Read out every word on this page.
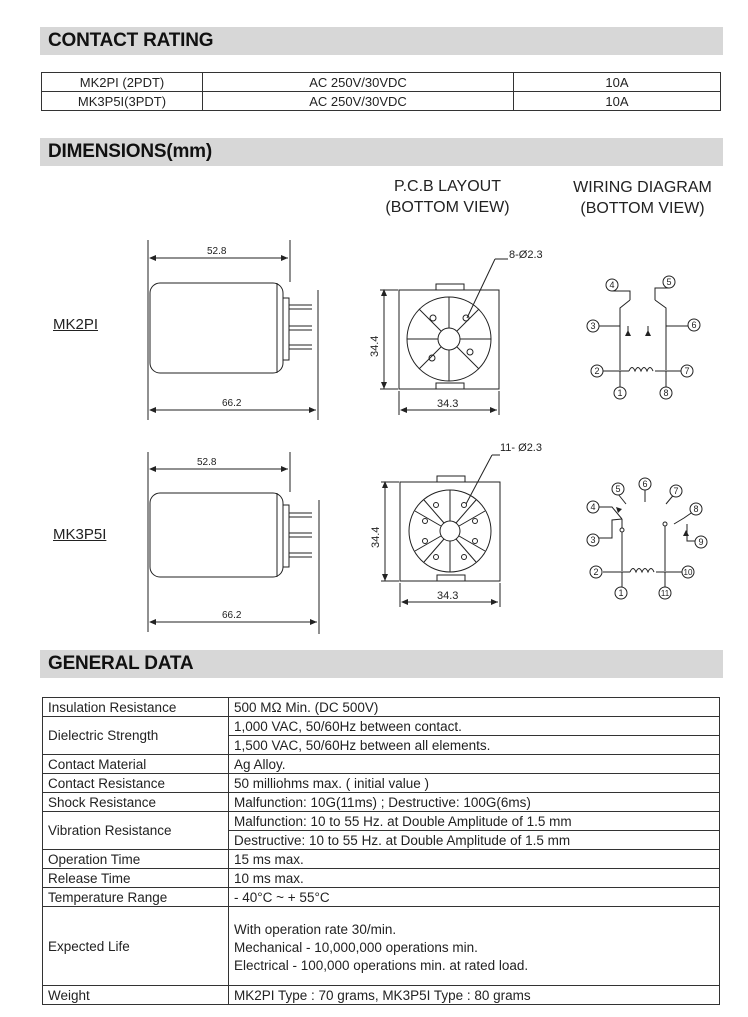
CONTACT RATING
MK2PI (2PDT)	AC 250V/30VDC	10A
MK3P5I(3PDT)	AC 250V/30VDC	10A
DIMENSIONS(mm)
P.C.B LAYOUT
(BOTTOM VIEW)
WIRING DIAGRAM
(BOTTOM VIEW)
MK2PI
MK3P5I
52.8
66.2
34.4
34.3
8-Ø2.3
4	5
3	6
2	7
1	8
52.8
66.2
34.4
34.3
11- Ø2.3
5 6
7
4	8
3	9
2	10
1	11
GENERAL DATA
Insulation Resistance	500 MΩ Min. (DC 500V)
Dielectric Strength	1,000 VAC, 50/60Hz between contact.
	1,500 VAC, 50/60Hz between all elements.
Contact Material	Ag Alloy.
Contact Resistance	50 milliohms max. ( initial value )
Shock Resistance	Malfunction: 10G(11ms) ; Destructive: 100G(6ms)
Vibration Resistance	Malfunction: 10 to 55 Hz. at Double Amplitude of 1.5 mm
	Destructive: 10 to 55 Hz. at Double Amplitude of 1.5 mm
Operation Time	15 ms max.
Release Time	10 ms max.
Temperature Range	- 40°C ~ + 55°C
Expected Life	With operation rate 30/min.
Mechanical - 10,000,000 operations min.
Electrical - 100,000 operations min. at rated load.

Weight	MK2PI Type : 70 grams, MK3P5I Type : 80 grams
